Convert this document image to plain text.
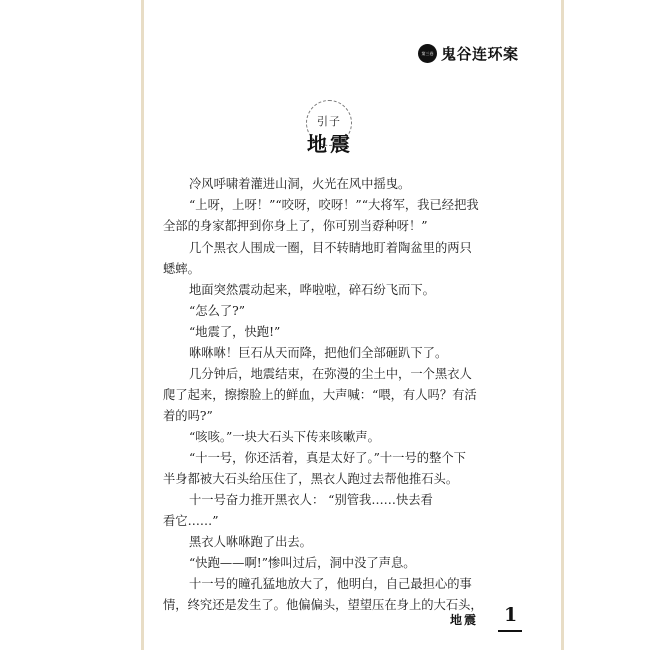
第三卷 鬼谷连环案
引子
地震
冷风呼啸着灌进山洞，火光在风中摇曳。
“上呀，上呀！”“咬呀，咬呀！”“大将军，我已经把我
全部的身家都押到你身上了，你可别当孬种呀！”
几个黑衣人围成一圈，目不转睛地盯着陶盆里的两只
蟋蟀。
地面突然震动起来，哗啦啦，碎石纷飞而下。
“怎么了?”
“地震了，快跑!”
咻咻咻！巨石从天而降，把他们全部砸趴下了。
几分钟后，地震结束，在弥漫的尘土中，一个黑衣人
爬了起来，擦擦脸上的鲜血，大声喊：“喂，有人吗？有活
着的吗?”
“咳咳。”一块大石头下传来咳嗽声。
“十一号，你还活着，真是太好了。”十一号的整个下
半身都被大石头给压住了，黑衣人跑过去帮他推石头。
十一号奋力推开黑衣人： “别管我……快去看
看它……”
黑衣人咻咻跑了出去。
“快跑——啊!”惨叫过后，洞中没了声息。
十一号的瞳孔猛地放大了，他明白，自己最担心的事
情，终究还是发生了。他偏偏头，望望压在身上的大石头，
地震 1
